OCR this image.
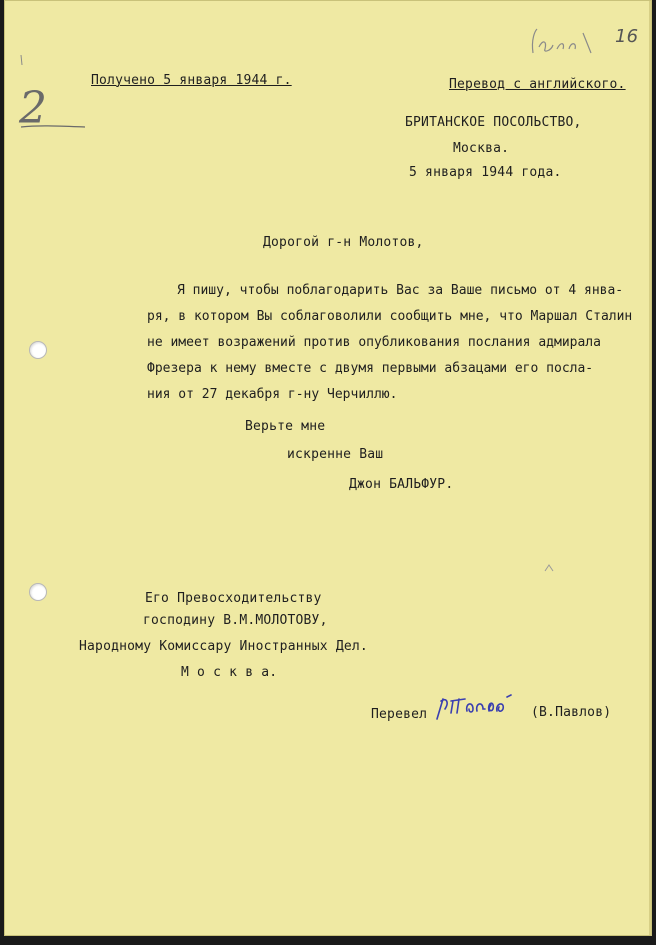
16
2
Получено 5 января 1944 г.	Перевод с английского.
БРИТАНСКОЕ ПОСОЛЬСТВО,
Москва.
5 января 1944 года.
Дорогой г-н Молотов,
Я пишу, чтобы поблагодарить Вас за Ваше письмо от 4 янва-
ря, в котором Вы соблаговолили сообщить мне, что Маршал Сталин
не имеет возражений против опубликования послания адмирала
Фрезера к нему вместе с двумя первыми абзацами его посла-
ния от 27 декабря г-ну Черчиллю.
Верьте мне
искренне Ваш
Джон БАЛЬФУР.
Его Превосходительству
господину В.М.МОЛОТОВУ,
Народному Комиссару Иностранных Дел.
М о с к в а.
Перевел	(В.Павлов)
